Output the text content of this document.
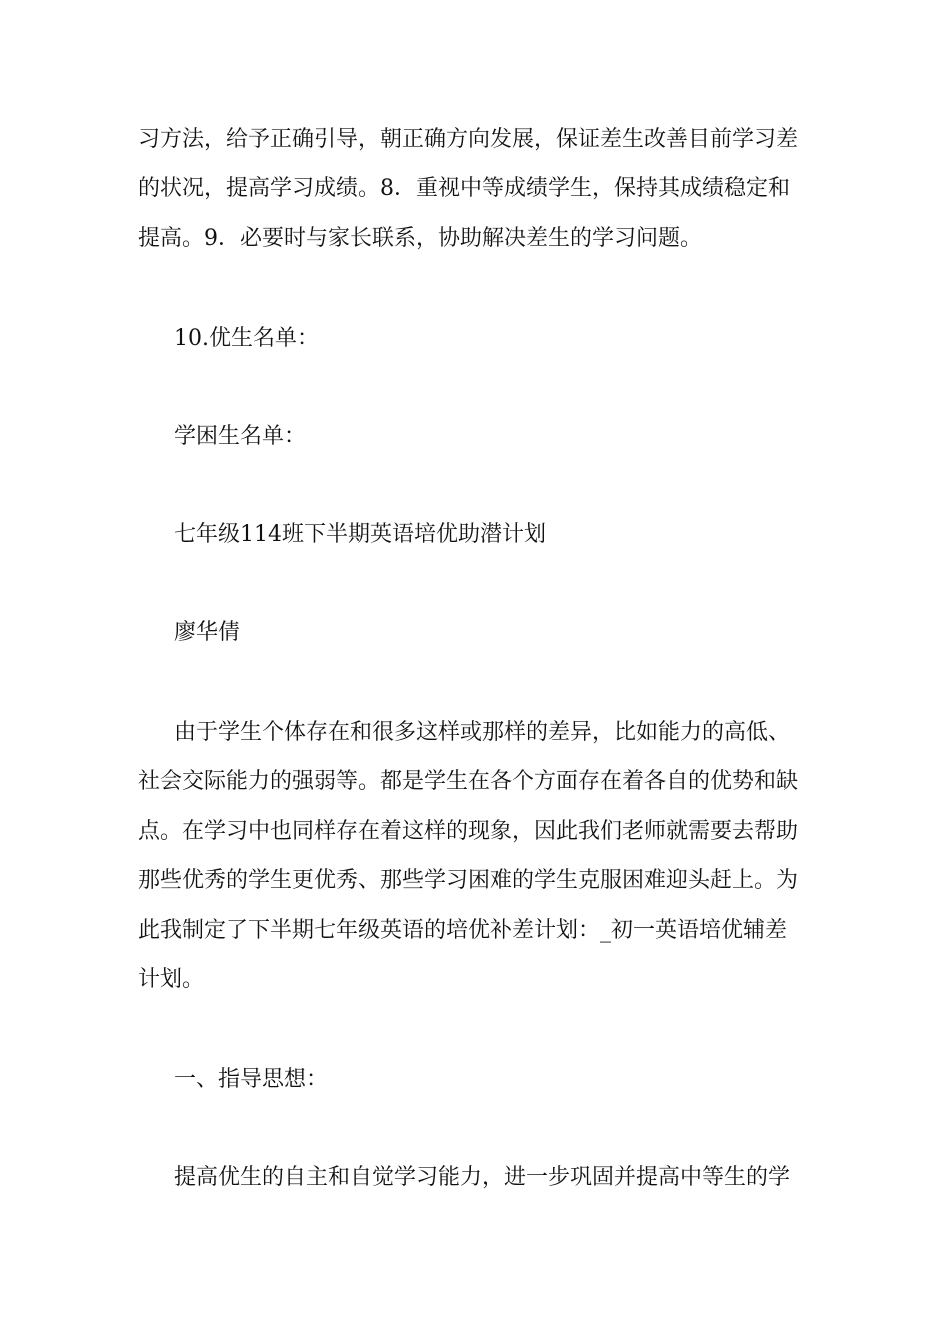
习方法，给予正确引导，朝正确方向发展，保证差生改善目前学习差
的状况，提高学习成绩。8．重视中等成绩学生，保持其成绩稳定和
提高。9．必要时与家长联系，协助解决差生的学习问题。
10.优生名单：
学困生名单：
七年级114班下半期英语培优助潜计划
廖华倩
由于学生个体存在和很多这样或那样的差异，比如能力的高低、
社会交际能力的强弱等。都是学生在各个方面存在着各自的优势和缺
点。在学习中也同样存在着这样的现象，因此我们老师就需要去帮助
那些优秀的学生更优秀、那些学习困难的学生克服困难迎头赶上。为
此我制定了下半期七年级英语的培优补差计划：_初一英语培优辅差
计划。
一、指导思想：
提高优生的自主和自觉学习能力，进一步巩固并提高中等生的学
